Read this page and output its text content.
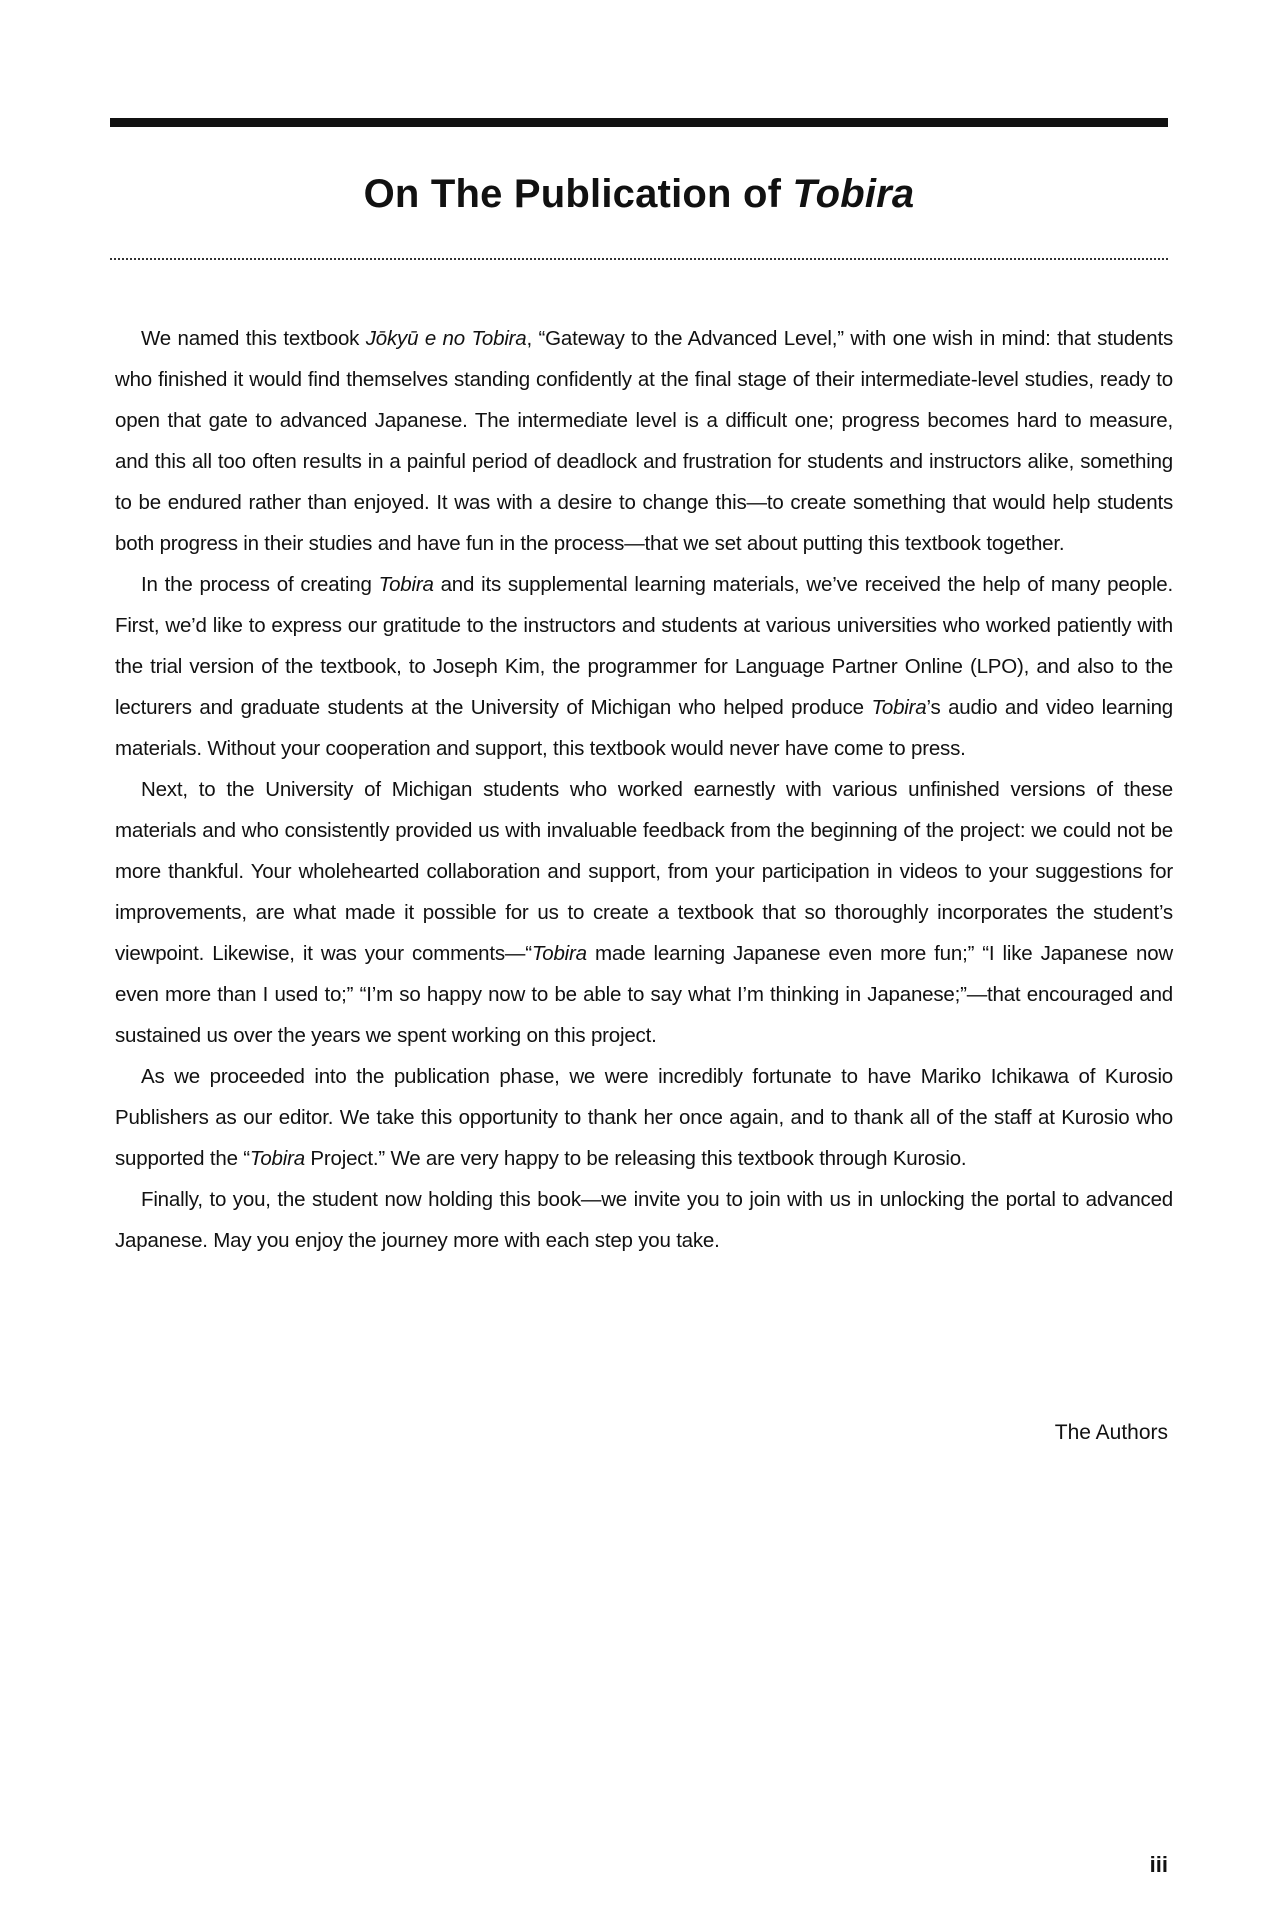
On The Publication of Tobira

We named this textbook Jōkyū e no Tobira, “Gateway to the Advanced Level,” with one wish in mind: that students who finished it would find themselves standing confidently at the final stage of their intermediate-level studies, ready to open that gate to advanced Japanese. The intermediate level is a difficult one; progress becomes hard to measure, and this all too often results in a painful period of deadlock and frustration for students and instructors alike, something to be endured rather than enjoyed. It was with a desire to change this—to create something that would help students both progress in their studies and have fun in the process—that we set about putting this textbook together.

In the process of creating Tobira and its supplemental learning materials, we’ve received the help of many people. First, we’d like to express our gratitude to the instructors and students at various universities who worked patiently with the trial version of the textbook, to Joseph Kim, the programmer for Language Partner Online (LPO), and also to the lecturers and graduate students at the University of Michigan who helped produce Tobira’s audio and video learning materials. Without your cooperation and support, this textbook would never have come to press.

Next, to the University of Michigan students who worked earnestly with various unfinished versions of these materials and who consistently provided us with invaluable feedback from the beginning of the project: we could not be more thankful. Your wholehearted collaboration and support, from your participation in videos to your suggestions for improvements, are what made it possible for us to create a textbook that so thoroughly incorporates the student’s viewpoint. Likewise, it was your comments—“Tobira made learning Japanese even more fun;” “I like Japanese now even more than I used to;” “I’m so happy now to be able to say what I’m thinking in Japanese;”—that encouraged and sustained us over the years we spent working on this project.

As we proceeded into the publication phase, we were incredibly fortunate to have Mariko Ichikawa of Kurosio Publishers as our editor. We take this opportunity to thank her once again, and to thank all of the staff at Kurosio who supported the “Tobira Project.” We are very happy to be releasing this textbook through Kurosio.

Finally, to you, the student now holding this book—we invite you to join with us in unlocking the portal to advanced Japanese. May you enjoy the journey more with each step you take.

The Authors
iii
